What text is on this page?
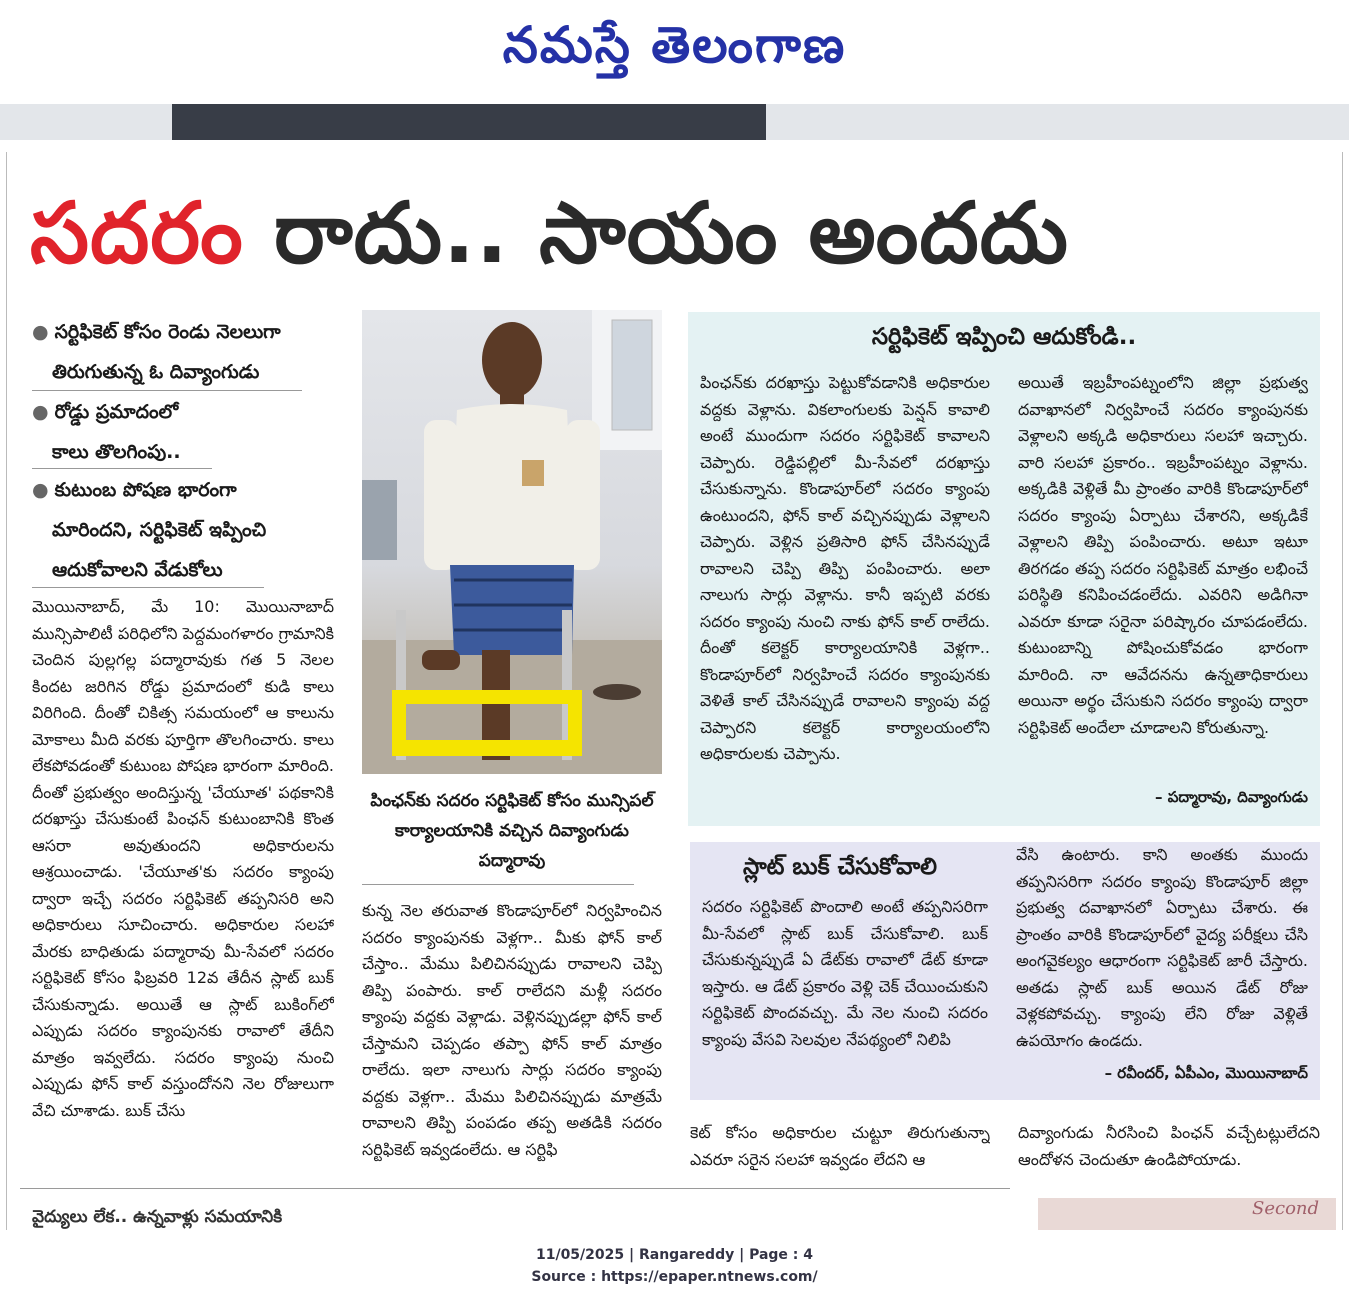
నమస్తే తెలంగాణ
సదరం రాదు.. సాయం అందదు
● సర్టిఫికెట్ కోసం రెండు నెలలుగా
తిరుగుతున్న ఓ దివ్యాంగుడు
● రోడ్డు ప్రమాదంలో
కాలు తొలగింపు..
● కుటుంబ పోషణ భారంగా
మారిందని, సర్టిఫికెట్ ఇప్పించి
ఆదుకోవాలని వేడుకోలు
మొయినాబాద్, మే 10: మొయినాబాద్ మున్సిపాలిటీ పరిధిలోని పెద్దమంగళారం గ్రామానికి చెందిన పుల్లగల్ల పద్మారావుకు గత 5 నెలల కిందట జరిగిన రోడ్డు ప్రమాదంలో కుడి కాలు విరిగింది. దీంతో చికిత్స సమయంలో ఆ కాలును మోకాలు మీది వరకు పూర్తిగా తొలగించారు. కాలు లేకపోవడంతో కుటుంబ పోషణ భారంగా మారింది. దీంతో ప్రభుత్వం అందిస్తున్న 'చేయూత' పథకానికి దరఖాస్తు చేసుకుంటే పింఛన్ కుటుంబానికి కొంత ఆసరా అవుతుందని అధికారులను ఆశ్రయించాడు. 'చేయూత'కు సదరం క్యాంపు ద్వారా ఇచ్చే సదరం సర్టిఫికెట్ తప్పనిసరి అని అధికారులు సూచించారు. అధికారుల సలహా మేరకు బాధితుడు పద్మారావు మీ-సేవలో సదరం సర్టిఫికెట్ కోసం ఫిబ్రవరి 12వ తేదీన స్లాట్ బుక్ చేసుకున్నాడు. అయితే ఆ స్లాట్ బుకింగ్‌లో ఎప్పుడు సదరం క్యాంపునకు రావాలో తేదీని మాత్రం ఇవ్వలేదు. సదరం క్యాంపు నుంచి ఎప్పుడు ఫోన్ కాల్ వస్తుందోనని నెల రోజులుగా వేచి చూశాడు. బుక్ చేసు
పింఛన్‌కు సదరం సర్టిఫికెట్ కోసం మున్సిపల్ కార్యాలయానికి వచ్చిన దివ్యాంగుడు పద్మారావు
కున్న నెల తరువాత కొండాపూర్‌లో నిర్వహించిన సదరం క్యాంపునకు వెళ్లగా.. మీకు ఫోన్ కాల్ చేస్తాం.. మేము పిలిచినప్పుడు రావాలని చెప్పి తిప్పి పంపారు. కాల్ రాలేదని మళ్లీ సదరం క్యాంపు వద్దకు వెళ్లాడు. వెళ్లినప్పుడల్లా ఫోన్ కాల్ చేస్తామని చెప్పడం తప్పా ఫోన్ కాల్ మాత్రం రాలేదు. ఇలా నాలుగు సార్లు సదరం క్యాంపు వద్దకు వెళ్లగా.. మేము పిలిచినప్పుడు మాత్రమే రావాలని తిప్పి పంపడం తప్ప అతడికి సదరం సర్టిఫికెట్ ఇవ్వడంలేదు. ఆ సర్టిఫి
సర్టిఫికెట్ ఇప్పించి ఆదుకోండి..
పింఛన్‌కు దరఖాస్తు పెట్టుకోవడానికి అధికారుల వద్దకు వెళ్లాను. వికలాంగులకు పెన్షన్ కావాలి అంటే ముందుగా సదరం సర్టిఫికెట్ కావాలని చెప్పారు. రెడ్డిపల్లిలో మీ-సేవలో దరఖాస్తు చేసుకున్నాను. కొండాపూర్‌లో సదరం క్యాంపు ఉంటుందని, ఫోన్ కాల్ వచ్చినప్పుడు వెళ్లాలని చెప్పారు. వెళ్లిన ప్రతిసారి ఫోన్ చేసినప్పుడే రావాలని చెప్పి తిప్పి పంపించారు. అలా నాలుగు సార్లు వెళ్లాను. కానీ ఇప్పటి వరకు సదరం క్యాంపు నుంచి నాకు ఫోన్ కాల్ రాలేదు. దీంతో కలెక్టర్ కార్యాలయానికి వెళ్లగా.. కొండాపూర్‌లో నిర్వహించే సదరం క్యాంపునకు వెళితే కాల్ చేసినప్పుడే రావాలని క్యాంపు వద్ద చెప్పారని కలెక్టర్ కార్యాలయంలోని అధికారులకు చెప్పాను.
అయితే ఇబ్రహీంపట్నంలోని జిల్లా ప్రభుత్వ దవాఖానలో నిర్వహించే సదరం క్యాంపునకు వెళ్లాలని అక్కడి అధికారులు సలహా ఇచ్చారు. వారి సలహా ప్రకారం.. ఇబ్రహీంపట్నం వెళ్లాను. అక్కడికి వెళ్లితే మీ ప్రాంతం వారికి కొండాపూర్‌లో సదరం క్యాంపు ఏర్పాటు చేశారని, అక్కడికే వెళ్లాలని తిప్పి పంపించారు. అటూ ఇటూ తిరగడం తప్ప సదరం సర్టిఫికెట్ మాత్రం లభించే పరిస్థితి కనిపించడంలేదు. ఎవరిని అడిగినా ఎవరూ కూడా సరైనా పరిష్కారం చూపడంలేదు. కుటుంబాన్ని పోషించుకోవడం భారంగా మారింది. నా ఆవేదనను ఉన్నతాధికారులు అయినా అర్థం చేసుకుని సదరం క్యాంపు ద్వారా సర్టిఫికెట్ అందేలా చూడాలని కోరుతున్నా.
– పద్మారావు, దివ్యాంగుడు
స్లాట్ బుక్ చేసుకోవాలి
సదరం సర్టిఫికెట్ పొందాలి అంటే తప్పనిసరిగా మీ-సేవలో స్లాట్ బుక్ చేసుకోవాలి. బుక్ చేసుకున్నప్పుడే ఏ డేట్‌కు రావాలో డేట్ కూడా ఇస్తారు. ఆ డేట్ ప్రకారం వెళ్లి చెక్ చేయించుకుని సర్టిఫికెట్ పొందవచ్చు. మే నెల నుంచి సదరం క్యాంపు వేసవి సెలవుల నేపథ్యంలో నిలిపి
వేసి ఉంటారు. కాని అంతకు ముందు తప్పనిసరిగా సదరం క్యాంపు కొండాపూర్ జిల్లా ప్రభుత్వ దవాఖానలో ఏర్పాటు చేశారు. ఈ ప్రాంతం వారికి కొండాపూర్‌లో వైద్య పరీక్షలు చేసి అంగవైకల్యం ఆధారంగా సర్టిఫికెట్ జారీ చేస్తారు. అతడు స్లాట్ బుక్ అయిన డేట్ రోజు వెళ్లకపోవచ్చు. క్యాంపు లేని రోజు వెళ్లితే ఉపయోగం ఉండదు.
– రవీందర్, ఏపీఎం, మొయినాబాద్
కెట్ కోసం అధికారుల చుట్టూ తిరుగుతున్నా ఎవరూ సరైన సలహా ఇవ్వడం లేదని ఆ
దివ్యాంగుడు నీరసించి పింఛన్ వచ్చేటట్లులేదని ఆందోళన చెందుతూ ఉండిపోయాడు.
వైద్యులు లేక.. ఉన్నవాళ్లు సమయానికి	Second
11/05/2025 | Rangareddy | Page : 4
Source : https://epaper.ntnews.com/
